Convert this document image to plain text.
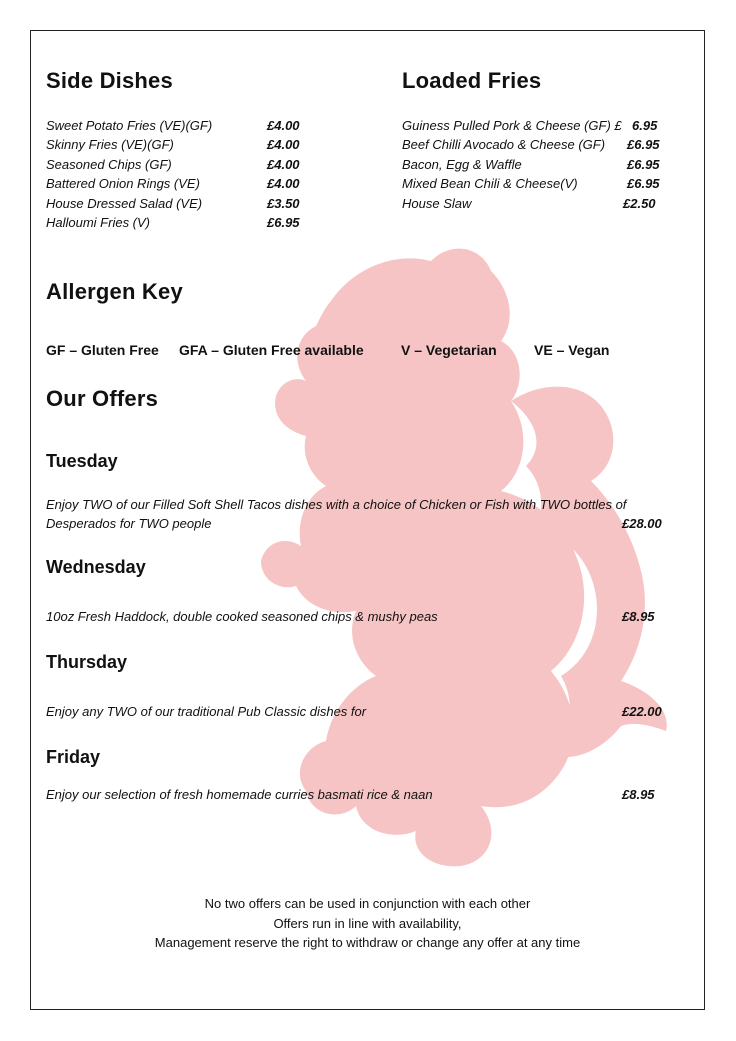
Side Dishes
Sweet Potato Fries (VE)(GF)	£4.00
Skinny Fries (VE)(GF)	£4.00
Seasoned Chips (GF)	£4.00
Battered Onion Rings (VE)	£4.00
House Dressed Salad (VE)	£3.50
Halloumi Fries (V)	£6.95
Loaded Fries
Guiness Pulled Pork & Cheese (GF) £ 6.95
Beef Chilli Avocado & Cheese (GF) £6.95
Bacon, Egg & Waffle	£6.95
Mixed Bean Chili & Cheese(V)	£6.95
House Slaw	£2.50
Allergen Key
GF – Gluten Free GFA – Gluten Free available	V – Vegetarian	VE – Vegan
Our Offers
Tuesday
Enjoy TWO of our Filled Soft Shell Tacos dishes with a choice of Chicken or Fish with TWO bottles of
Desperados for TWO people	£28.00
Wednesday
10oz Fresh Haddock, double cooked seasoned chips & mushy peas	£8.95
Thursday
Enjoy any TWO of our traditional Pub Classic dishes for	£22.00
Friday
Enjoy our selection of fresh homemade curries basmati rice & naan	£8.95
No two offers can be used in conjunction with each other
Offers run in line with availability,
Management reserve the right to withdraw or change any offer at any time
